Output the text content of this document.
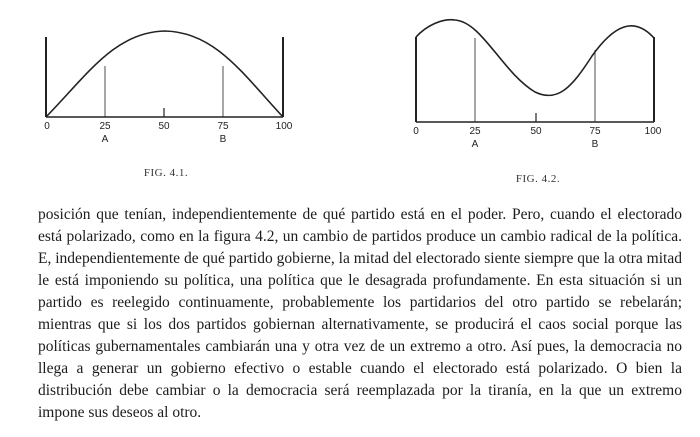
0	25	50	75	100
A	B
FIG. 4.1.
0	25	50	75	100
A	B
FIG. 4.2.

posición que tenían, independientemente de qué partido está en el poder. Pero, cuando el electorado está polarizado, como en la figura 4.2, un cambio de partidos produce un cambio radical de la política. E, independientemente de qué partido gobierne, la mitad del electorado siente siempre que la otra mitad le está imponiendo su política, una política que le desagrada profundamente. En esta situación si un partido es reelegido continuamente, probablemente los partidarios del otro partido se rebelarán; mientras que si los dos partidos gobiernan alternativamente, se producirá el caos social porque las políticas gubernamentales cambiarán una y otra vez de un extremo a otro. Así pues, la democracia no llega a generar un gobierno efectivo o estable cuando el electorado está polarizado. O bien la distribución debe cambiar o la democracia será reemplazada por la tiranía, en la que un extremo impone sus deseos al otro.
